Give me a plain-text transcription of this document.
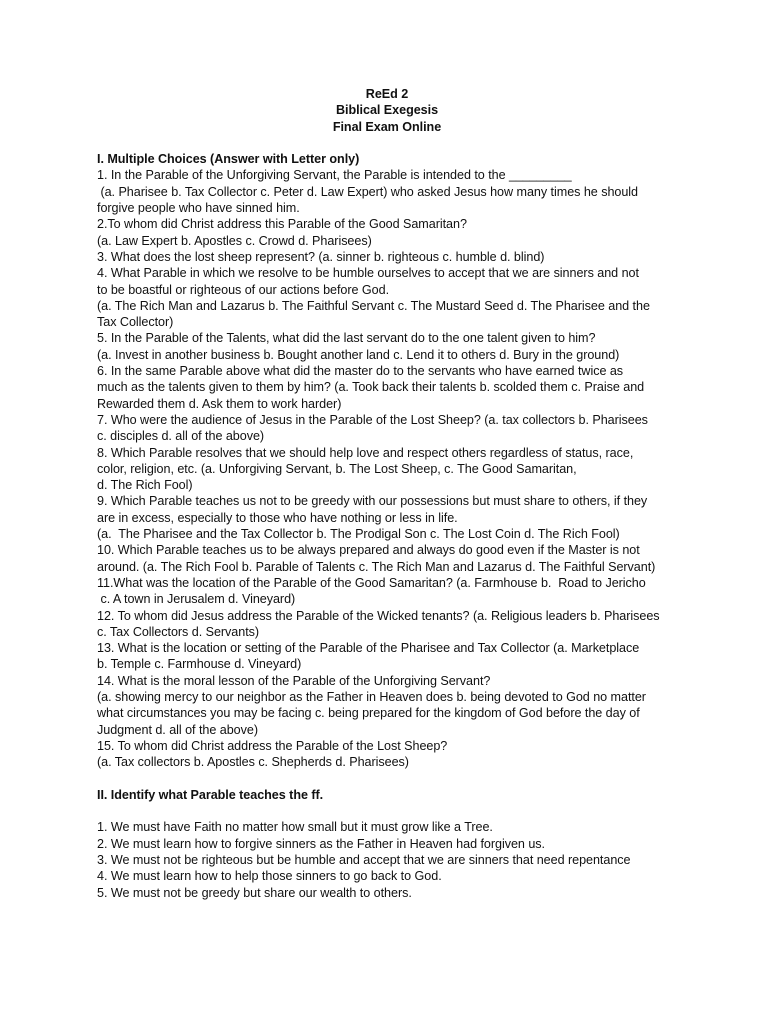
ReEd 2
Biblical Exegesis
Final Exam Online
I. Multiple Choices (Answer with Letter only)
1. In the Parable of the Unforgiving Servant, the Parable is intended to the _________
(a. Pharisee b. Tax Collector c. Peter d. Law Expert) who asked Jesus how many times he should
forgive people who have sinned him.
2.To whom did Christ address this Parable of the Good Samaritan?
(a. Law Expert b. Apostles c. Crowd d. Pharisees)
3. What does the lost sheep represent? (a. sinner b. righteous c. humble d. blind)
4. What Parable in which we resolve to be humble ourselves to accept that we are sinners and not
to be boastful or righteous of our actions before God.
(a. The Rich Man and Lazarus b. The Faithful Servant c. The Mustard Seed d. The Pharisee and the
Tax Collector)
5. In the Parable of the Talents, what did the last servant do to the one talent given to him?
(a. Invest in another business b. Bought another land c. Lend it to others d. Bury in the ground)
6. In the same Parable above what did the master do to the servants who have earned twice as
much as the talents given to them by him? (a. Took back their talents b. scolded them c. Praise and
Rewarded them d. Ask them to work harder)
7. Who were the audience of Jesus in the Parable of the Lost Sheep? (a. tax collectors b. Pharisees
c. disciples d. all of the above)
8. Which Parable resolves that we should help love and respect others regardless of status, race,
color, religion, etc. (a. Unforgiving Servant, b. The Lost Sheep, c. The Good Samaritan,
d. The Rich Fool)
9. Which Parable teaches us not to be greedy with our possessions but must share to others, if they
are in excess, especially to those who have nothing or less in life.
(a.  The Pharisee and the Tax Collector b. The Prodigal Son c. The Lost Coin d. The Rich Fool)
10. Which Parable teaches us to be always prepared and always do good even if the Master is not
around. (a. The Rich Fool b. Parable of Talents c. The Rich Man and Lazarus d. The Faithful Servant)
11.What was the location of the Parable of the Good Samaritan? (a. Farmhouse b.  Road to Jericho
c. A town in Jerusalem d. Vineyard)
12. To whom did Jesus address the Parable of the Wicked tenants? (a. Religious leaders b. Pharisees
c. Tax Collectors d. Servants)
13. What is the location or setting of the Parable of the Pharisee and Tax Collector (a. Marketplace
b. Temple c. Farmhouse d. Vineyard)
14. What is the moral lesson of the Parable of the Unforgiving Servant?
(a. showing mercy to our neighbor as the Father in Heaven does b. being devoted to God no matter
what circumstances you may be facing c. being prepared for the kingdom of God before the day of
Judgment d. all of the above)
15. To whom did Christ address the Parable of the Lost Sheep?
(a. Tax collectors b. Apostles c. Shepherds d. Pharisees)
II. Identify what Parable teaches the ff.
1. We must have Faith no matter how small but it must grow like a Tree.
2. We must learn how to forgive sinners as the Father in Heaven had forgiven us.
3. We must not be righteous but be humble and accept that we are sinners that need repentance
4. We must learn how to help those sinners to go back to God.
5. We must not be greedy but share our wealth to others.
